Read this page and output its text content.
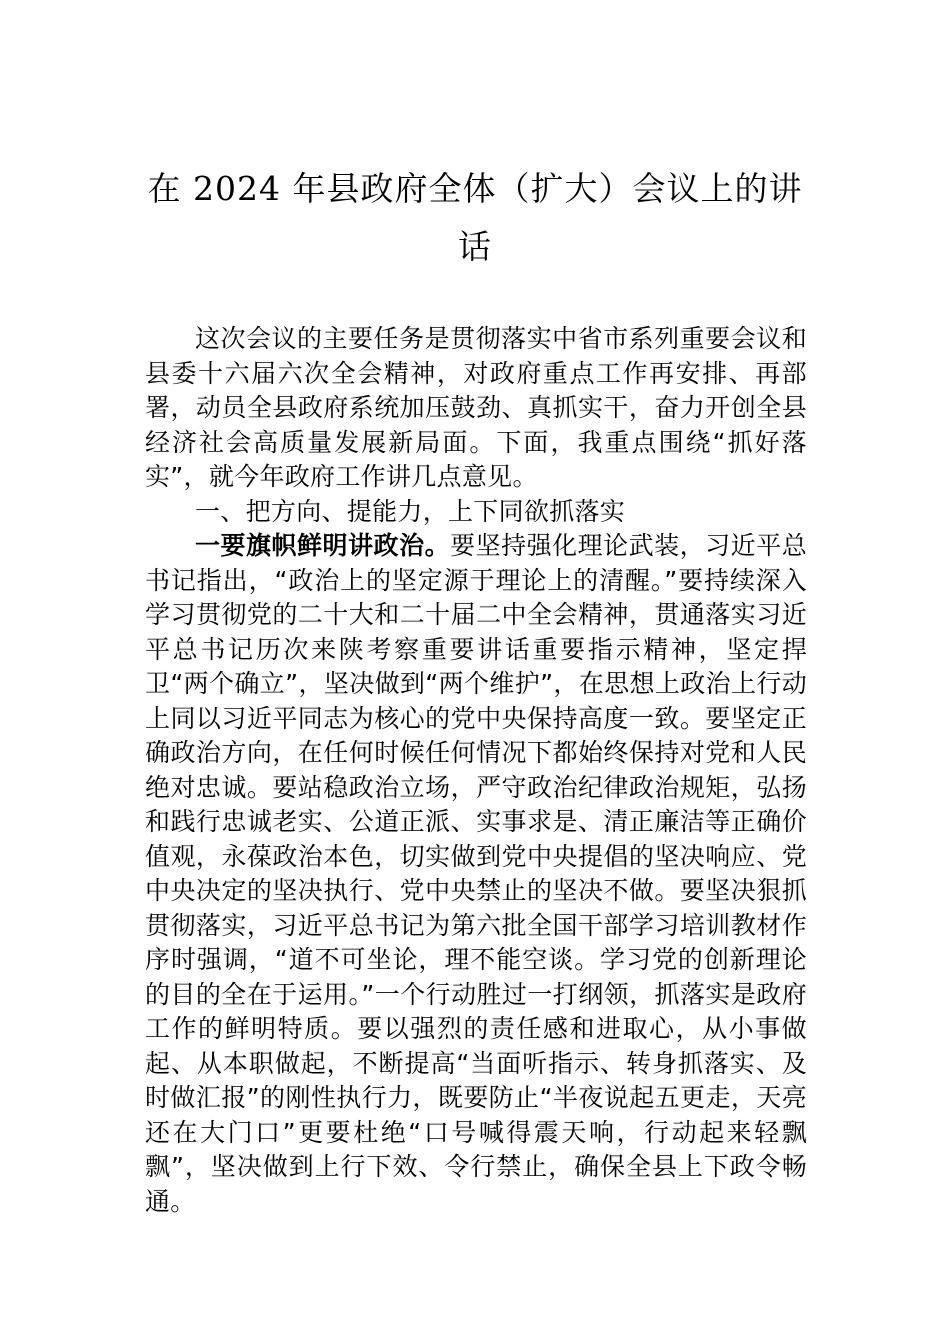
在 2024 年县政府全体（扩大）会议上的讲话

这次会议的主要任务是贯彻落实中省市系列重要会议和县委十六届六次全会精神，对政府重点工作再安排、再部署，动员全县政府系统加压鼓劲、真抓实干，奋力开创全县经济社会高质量发展新局面。下面，我重点围绕“抓好落实”，就今年政府工作讲几点意见。

一、把方向、提能力，上下同欲抓落实

一要旗帜鲜明讲政治。要坚持强化理论武装，习近平总书记指出，“政治上的坚定源于理论上的清醒。”要持续深入学习贯彻党的二十大和二十届二中全会精神，贯通落实习近平总书记历次来陕考察重要讲话重要指示精神，坚定捍卫“两个确立”，坚决做到“两个维护”，在思想上政治上行动上同以习近平同志为核心的党中央保持高度一致。要坚定正确政治方向，在任何时候任何情况下都始终保持对党和人民绝对忠诚。要站稳政治立场，严守政治纪律政治规矩，弘扬和践行忠诚老实、公道正派、实事求是、清正廉洁等正确价值观，永葆政治本色，切实做到党中央提倡的坚决响应、党中央决定的坚决执行、党中央禁止的坚决不做。要坚决狠抓贯彻落实，习近平总书记为第六批全国干部学习培训教材作序时强调，“道不可坐论，理不能空谈。学习党的创新理论的目的全在于运用。”一个行动胜过一打纲领，抓落实是政府工作的鲜明特质。要以强烈的责任感和进取心，从小事做起、从本职做起，不断提高“当面听指示、转身抓落实、及时做汇报”的刚性执行力，既要防止“半夜说起五更走，天亮还在大门口”更要杜绝“口号喊得震天响，行动起来轻飘飘”，坚决做到上行下效、令行禁止，确保全县上下政令畅通。
